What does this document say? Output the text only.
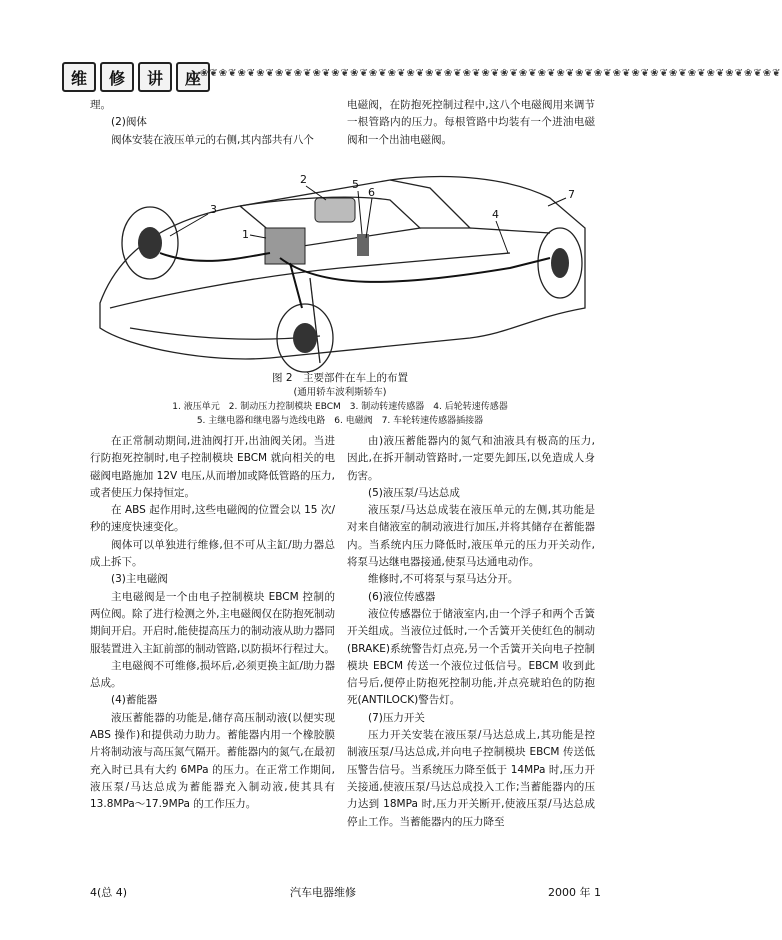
维	修	讲	座 ❀❦❀❦❀❦❀❦❀❦❀❦❀❦❀❦❀❦❀❦❀❦❀❦❀❦❀❦❀❦❀❦❀❦❀❦❀❦❀❦❀❦❀❦❀❦❀❦❀❦❀❦❀❦❀❦❀❦❀❦❀❦

理。

(2)阀体

阀体安装在液压单元的右侧,其内部共有八个

电磁阀，在防抱死控制过程中,这八个电磁阀用来调节一根管路内的压力。每根管路中均装有一个进油电磁阀和一个出油电磁阀。

1
2
3	4
5
6	7
图 2　主要部件在车上的布置
(通用轿车波利斯轿车)
1. 液压单元　2. 制动压力控制模块 EBCM　3. 制动转速传感器　4. 后轮转速传感器
5. 主继电器和继电器与选线电路　6. 电磁阀　7. 车轮转速传感器插接器

在正常制动期间,进油阀打开,出油阀关闭。当进行防抱死控制时,电子控制模块 EBCM 就向相关的电磁阀电路施加 12V 电压,从而增加或降低管路的压力,或者使压力保持恒定。

在 ABS 起作用时,这些电磁阀的位置会以 15 次/秒的速度快速变化。

阀体可以单独进行维修,但不可从主缸/助力器总成上拆下。

(3)主电磁阀

主电磁阀是一个由电子控制模块 EBCM 控制的两位阀。除了进行检测之外,主电磁阀仅在防抱死制动期间开启。开启时,能使提高压力的制动液从助力器同服装置进入主缸前部的制动管路,以防损坏行程过大。

主电磁阀不可维修,损坏后,必须更换主缸/助力器总成。

(4)蓄能器

液压蓄能器的功能是,储存高压制动液(以便实现 ABS 操作)和提供动力助力。蓄能器内用一个橡胶膜片将制动液与高压氮气隔开。蓄能器内的氮气,在最初充入时已具有大约 6MPa 的压力。在正常工作期间,液压泵/马达总成为蓄能器充入制动液,使其具有 13.8MPa～17.9MPa 的工作压力。

由)液压蓄能器内的氮气和油液具有极高的压力,因此,在拆开制动管路时,一定要先卸压,以免造成人身伤害。

(5)液压泵/马达总成

液压泵/马达总成装在液压单元的左侧,其功能是对来自储液室的制动液进行加压,并将其储存在蓄能器内。当系统内压力降低时,液压单元的压力开关动作,将泵马达继电器接通,使泵马达通电动作。

维修时,不可将泵与泵马达分开。

(6)液位传感器

液位传感器位于储液室内,由一个浮子和两个舌簧开关组成。当液位过低时,一个舌簧开关使红色的制动(BRAKE)系统警告灯点亮,另一个舌簧开关向电子控制模块 EBCM 传送一个液位过低信号。EBCM 收到此信号后,便停止防抱死控制功能,并点亮琥珀色的防抱死(ANTILOCK)警告灯。

(7)压力开关

压力开关安装在液压泵/马达总成上,其功能是控制液压泵/马达总成,并向电子控制模块 EBCM 传送低压警告信号。当系统压力降至低于 14MPa 时,压力开关接通,使液压泵/马达总成投入工作;当蓄能器内的压力达到 18MPa 时,压力开关断开,使液压泵/马达总成停止工作。当蓄能器内的压力降至

4(总 4)	汽车电器维修	2000 年 1
